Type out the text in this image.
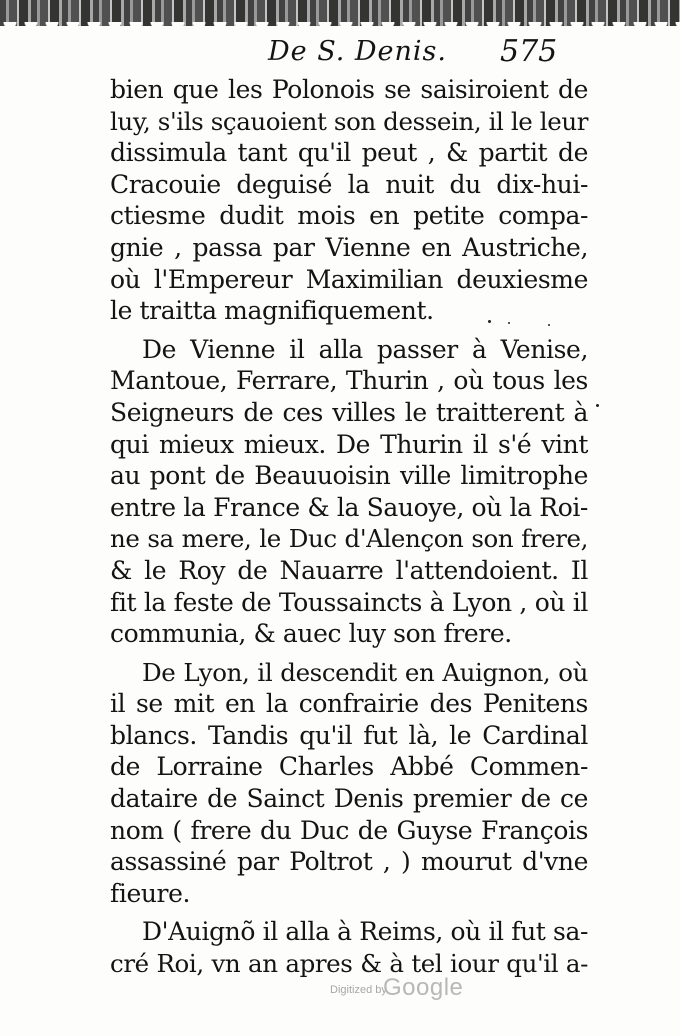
De S. Denis. 575
bien que les Polonois se saisiroient de
luy, s'ils sçauoient son dessein, il le leur
dissimula tant qu'il peut , & partit de
Cracouie deguisé la nuit du dix-hui-
ctiesme dudit mois en petite compa-
gnie , passa par Vienne en Austriche,
où l'Empereur Maximilian deuxiesme
le traitta magnifiquement.
De Vienne il alla passer à Venise,
Mantoue, Ferrare, Thurin , où tous les
Seigneurs de ces villes le traitterent à
qui mieux mieux. De Thurin il s'é vint
au pont de Beauuoisin ville limitrophe
entre la France & la Sauoye, où la Roi-
ne sa mere, le Duc d'Alençon son frere,
& le Roy de Nauarre l'attendoient. Il
fit la feste de Toussaincts à Lyon , où il
communia, & auec luy son frere.
De Lyon, il descendit en Auignon, où
il se mit en la confrairie des Penitens
blancs. Tandis qu'il fut là, le Cardinal
de Lorraine Charles Abbé Commen-
dataire de Sainct Denis premier de ce
nom ( frere du Duc de Guyse François
assassiné par Poltrot , ) mourut d'vne
fieure.
D'Auignõ il alla à Reims, où il fut sa-
cré Roi, vn an apres & à tel iour qu'il a-
Digitized by
Google
